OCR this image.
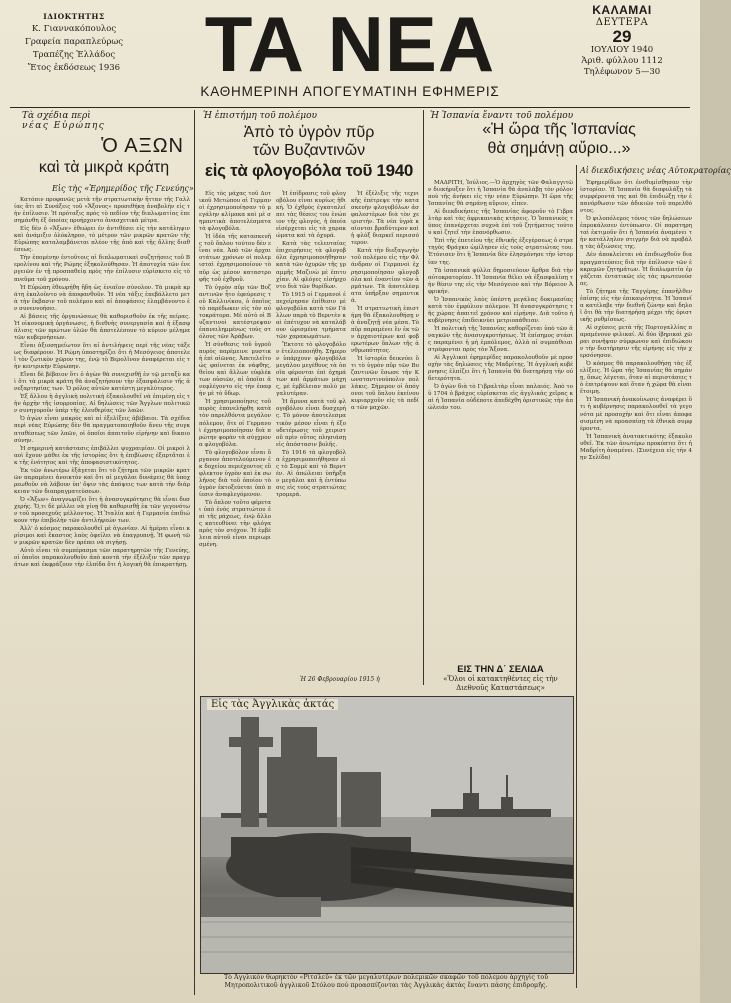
ΙΔΙΟΚΤΗΤΗΣ
Κ. Γιαννακόπουλος
Γραφεία παραπλεύρως
Τραπέζης Ἑλλάδος
Ἔτος ἐκδόσεως 1936	ΤΑ ΝΕΑ
ΚΑΘΗΜΕΡΙΝΗ ΑΠΟΓΕΥΜΑΤΙΝΗ ΕΦΗΜΕΡΙΣ
ΚΑΛΑΜΑΙ
ΔΕΥΤΕΡΑ
29
ΙΟΥΛΙΟΥ 1940
Ἀριθ. φύλλου 1112
Τηλέφωνον 5—30
Τὰ σχέδια περὶ
νέας Εὐρώπης
Ὁ ΑΞΩΝ
καὶ τὰ μικρὰ κράτη
Εἰς τὴς «Ἐρημερίδος τῆς Γενεύης»

Κατόπιν προφανῶς μετὰ τῆν στρατιωτικὴν ἥτταν τῆς Γαλλίας ἄτι αἱ Συνάξεις τοῦ «Ἄξονος» προσεθήκη ἀναβολὴν εἰς τὴν ἐπίλυσιν. Ἡ πρόταξις πρὸς τὸ πεδίον τῆς διπλωματίας ἐπεσημάνθη ἐξ ὁποίας προήρχοντο ἀνασχετικὰ μέτρα.

Εἰς δὲν ὁ «Ἄξων» ἐθεώρει ἐν ἀντιθέσει εἰς τὴν κατάληψιν καὶ ἀνάμιξιν ὁλόκληρον, τὸ μέτρον τῶν μικρῶν κρατῶν τῆς Εὐρώπης καταλαμβάνεται πλέον τῆς ἀπὸ καὶ τῆς ἄλλης διαθέσεως.

Τὴν ἐπομένην ἐντοῦτοις αἱ διπλωματικαὶ συζητήσεις τοῦ Βερολίνου καὶ τῆς Ρώμης ἐξηκολούθησαν. Ἡ ἀποτυχία τῶν ἐνεργειῶν ἐν τῇ προσπαθείᾳ πρὸς τὴν ἐπίλυσιν εὑρίσκετο εἰς τὸ πνεῦμα τοῦ χρόνου.

Ἡ Εὐρώπη ἐθεωρήθη ἤδη ὡς ἑνιαῖον σύνολον. Τὰ μικρὰ κράτη ἐκαλοῦντο νὰ ἀποφανθοῦν. Ἡ νέα τάξις ἐπεβάλλετο μετὰ τὴν ἔκβασιν τοῦ πολέμου καὶ αἱ ἀποφάσεις ἐλαμβάνοντο ἐν συνεννοήσει.

Αἱ βάσεις τῆς ὀργανώσεως θὰ καθορισθοῦν ἐκ τῆς πείρας. Ἡ οἰκονομικὴ ὀργάνωσις, ἡ διεθνὴς συνεργασία καὶ ἡ ἐξασφάλισις τῶν πρώτων ὑλῶν θὰ ἀποτελέσουν τὸ κύριον μέλημα τῶν κυβερνήσεων.

Εἶναι ἀξιοσημείωτον ὅτι αἱ ἀντιλήψεις περὶ τῆς νέας τάξεως διαφέρουν. Ἡ Ρώμη ὑποστηρίζει ὅτι ἡ Μεσόγειος ἀποτελεῖ τὸν ζωτικὸν χῶρον της, ἐνῷ τὸ Βερολῖνον ἀναφέρεται εἰς τὴν κεντρικὴν Εὐρώπην.

Εἴναι δὲ βέβαιον ὅτι ὁ ἀγὼν θὰ συνεχισθῇ ἐν τῷ μεταξὺ καὶ ὅτι τὰ μικρὰ κράτη θὰ ἀναζητήσουν τὴν ἐξασφάλισιν τῆς ἀνεξαρτησίας των. Ὁ ρόλος αὐτῶν κατέστη μεγαλύτερος.

Ἐξ ἄλλου ἡ ἀγγλικὴ πολιτικὴ ἐξακολουθεῖ νὰ ἐπιμένῃ εἰς τὴν ἀρχὴν τῆς ἰσορροπίας. Αἱ δηλώσεις τῶν Ἄγγλων πολιτικῶν συνηγοροῦν ὑπὲρ τῆς ἐλευθερίας τῶν λαῶν.

Ὁ ἀγὼν εἶναι μακρὸς καὶ αἱ ἐξελίξεις ἀβέβαιοι. Τὰ σχέδια περὶ νέας Εὐρώπης δὲν θὰ πραγματοποιηθοῦν ἄνευ τῆς συγκαταθέσεως τῶν λαῶν, οἱ ὁποῖοι ἀπαιτοῦν εἰρήνην καὶ δικαιοσύνην.

Ἡ σημερινὴ κατάστασις ἐπιβάλλει ψυχραιμίαν. Οἱ μικροὶ λαοὶ ἔχουν μάθει ἐκ τῆς ἱστορίας ὅτι ἡ ἐπιβίωσις ἐξαρτᾶται ἐκ τῆς ἑνότητος καὶ τῆς ἀποφασιστικότητος.

Ἐκ τῶν ἀνωτέρω ἐξάγεται ὅτι τὸ ζήτημα τῶν μικρῶν κρατῶν παραμένει ἀνοικτὸν καὶ ὅτι αἱ μεγάλαι δυνάμεις θὰ ὑποχρεωθοῦν νὰ λάβουν ὑπ' ὄψιν τὰς ἀπόψεις των κατὰ τὴν διάρκειαν τῶν διαπραγματεύσεων.

Ὁ «Ἄξων» ἀναγνωρίζει ὅτι ἡ ἀνασυγκρότησις θὰ εἶναι δυσχερής. Ὅ,τι δὲ μέλλει νὰ γίνῃ θὰ καθορισθῇ ἐκ τῶν γεγονότων τοῦ προσεχοῦς μέλλοντος. Ἡ Ἰταλία καὶ ἡ Γερμανία ἐπιδιώκουν τὴν ἐπιβολὴν τῶν ἀντιλήψεών των.

Ἀλλ' ὁ κόσμος παρακολουθεῖ μὲ ἀγωνίαν. Αἱ ἡμέραι εἶναι κρίσιμοι καὶ ἕκαστος λαὸς ὀφείλει νὰ ἐπαγρυπνῇ. Ἡ φωνὴ τῶν μικρῶν κρατῶν δὲν πρέπει νὰ σιγήσῃ.

Αὐτὸ εἶναι τὸ συμπέρασμα τῶν παρατηρητῶν τῆς Γενεύης, οἱ ὁποῖοι παρακολουθοῦν ἀπὸ κοντὰ τὴν ἐξέλιξιν τῶν πραγμάτων καὶ ἐκφράζουν τὴν ἐλπίδα ὅτι ἡ λογικὴ θὰ ἐπικρατήσῃ.

Ἡ ἐπιστήμη τοῦ πολέμου
Ἀπὸ τὸ ὑγρὸν πῦρ
τῶν Βυζαντινῶν
εἰς τὰ φλογοβόλα τοῦ 1940

Εἰς τὸς μάχας τοῦ Δυτικοῦ Μετώπου αἱ Γερμανοὶ ἐχρησιμοποίησαν τὸ μεγάλην κλίμακα καὶ μὲ σημαντικὰ ἀποτελέσματα τὰ φλογοβόλα.

Ἡ ἰδέα τῆς κατασκευῆς τοῦ ὄπλου τούτου δὲν εἶναι νέα. Ἀπὸ τῶν ἀρχαιοτάτων χρόνων οἱ πολεμισταὶ ἐχρησιμοποίουν τὸ πῦρ ὡς μέσον καταστροφῆς τοῦ ἐχθροῦ.

Τὸ ὑγρὸν πῦρ τῶν Βυζαντινῶν ἦτο ἐφεύρεσις τοῦ Καλλινίκου, ὁ ὁποῖος τὸ παρέδωκεν εἰς τὸν αὐτοκράτορα. Μὲ αὐτὸ οἱ Βυζαντινοὶ κατέστρεψαν ἐπανειλημμένως τοὺς στόλους τῶν Ἀράβων.

Ἡ σύνθεσις τοῦ ὑγροῦ πυρὸς παρέμεινε μυστικὴ ἐπὶ αἰῶνας. Ἀπετελεῖτο ὡς φαίνεται ἐκ νάφθης, θείου καὶ ἄλλων εὐφλέκτων οὐσιῶν, αἱ ὁποῖαι ἀνεφλέγοντο εἰς τὴν ἐπαφὴν μὲ τὸ ὕδωρ.

Ἡ χρησιμοποίησις τοῦ πυρὸς ἐπανελήφθη κατὰ τὸν παρελθόντα μεγάλον πόλεμον, ὅτε οἱ Γερμανοὶ ἐχρησιμοποίησαν διὰ πρώτην φορὰν τὰ σύγχρονα φλογοβόλα.

Τὸ φλογοβόλον εἶναι ὄργανον ἀποτελούμενον ἐκ δοχείου περιέχοντος εὔφλεκτον ὑγρὸν καὶ ἐκ σωλῆνος διὰ τοῦ ὁποίου τὸ ὑγρὸν ἐκτοξεύεται ὑπὸ πίεσιν ἀναφλεγόμενον.

Τὸ ὄπλον τοῦτο φέρεται ὑπὸ ἑνὸς στρατιώτου ἐπὶ τῆς ράχεως, ἐνῷ ἄλλος κατευθύνει τὴν φλόγα πρὸς τὸν στόχον. Ἡ ἐμβέλεια αὐτοῦ εἶναι περιωρισμένη.

Ἡ ἐπίδρασις τοῦ φλογοβόλου εἶναι κυρίως ἠθική. Ὁ ἐχθρὸς ἐγκαταλείπει τὰς θέσεις του ἐνώπιον τῆς φλογός, ἡ ὁποία εἰσέρχεται εἰς τὰ χαρακώματα καὶ τὰ ὀχυρά.

Κατὰ τὰς τελευταίας ἐπιχειρήσεις τὰ φλογοβόλα ἐχρησιμοποιήθησαν κατὰ τῶν ὀχυρῶν τῆς γραμμῆς Μαζινὼ μὲ ἐπιτυχίαν. Αἱ φλόγες εἰσήρχοντο διὰ τῶν θυρίδων.

Τὸ 1915 οἱ Γερμανοὶ ἐπεχείρησαν ἐπίθεσιν μὲ φλογοβόλα κατὰ τῶν Γάλλων παρὰ τὸ Βερντὲν καὶ ἐπέτυχον νὰ καταλάβουν ὡρισμένα τμήματα τῶν χαρακωμάτων.

Ἔκτοτε τὸ φλογοβόλον ἐτελειοποιήθη. Σήμερον ὑπάρχουν φλογοβόλα μεγάλου μεγέθους τὰ ὁποῖα φέρονται ἐπὶ ὀχημάτων καὶ ἁρμάτων μάχης, μὲ ἐμβέλειαν πολὺ μεγαλυτέραν.

Ἡ ἄμυνα κατὰ τοῦ φλογοβόλου εἶναι δυσχερής. Τὸ μόνον ἀποτελεσματικὸν μέσον εἶναι ἡ ἐξουδετέρωσις τοῦ χειριστοῦ πρὶν οὗτος πλησιάσῃ εἰς ἀπόστασιν βολῆς.

Τὸ 1916 τὰ φλογοβόλα ἐχρησιμοποιήθησαν εἰς τὸ Σομμὲ καὶ τὸ Βερντέν. Αἱ ἀπώλειαι ὑπῆρξαν μεγάλαι καὶ ἡ ἐντύπωσις εἰς τοὺς στρατιώτας τρομερά.

Ἡ ἐξέλιξις τῆς τεχνικῆς ἐπέτρεψε τὴν κατασκευὴν φλογοβόλων ἀσφαλεστέρων διὰ τὸν χειριστήν. Τὰ νέα ὑγρὰ καίονται βραδύτερον καὶ ἡ φλὸξ διαρκεῖ περισσότερον.

Κατὰ τὴν διεξαγωγὴν τοῦ πολέμου εἰς τὴν Φλάνδραν οἱ Γερμανοὶ ἐχρησιμοποίησαν φλογοβόλα καὶ ἐναντίον τῶν ἁρμάτων. Τὰ ἀποτελέσματα ὑπῆρξαν σημαντικά.

Ἡ στρατιωτικὴ ἐπιστήμη θὰ ἐξακολουθήσῃ νὰ ἀναζητῇ νέα μέσα. Τὸ πῦρ παραμένει ἓν ἐκ τῶν ἀρχαιοτέρων καὶ φοβερωτέρων ὅπλων τῆς ἀνθρωπότητος.

Ἡ ἱστορία δεικνύει ὅτι τὸ ὑγρὸν πῦρ τῶν Βυζαντινῶν ἔσωσε τὴν Κωνσταντινούπολιν πολλάκις. Σήμερον οἱ ἀπόγονοι τοῦ ὅπλου ἐκείνου κυριαρχοῦν εἰς τὰ πεδία τῶν μαχῶν.

Ἡ 26 Φεβρουαρίου 1915 ἡ
ΕΙΣ ΤΗΝ Δ΄ ΣΕΛΙΔΑ
«Ὅλοι οἱ κατακτηθέντες εἰς τὴν Διεθνοῦς Καταστάσεως»
Ἡ Ἰσπανία ἔναντι τοῦ πολέμου
«Ἡ ὥρα τῆς Ἰσπανίας
θὰ σημάνῃ αὔριο...»
Αἱ διεκδικήσεις νέας Αὐτοκρατορίας

ΜΑΔΡΙΤΗ, Ἰούλιος.—Ὁ ἀρχηγὸς τῶν Φαλαγγιτῶν διεκήρυξεν ὅτι ἡ Ἰσπανία θὰ ἀναλάβῃ τὸν ρόλον ποὺ τῆς ἀνήκει εἰς τὴν νέαν Εὐρώπην. Ἡ ὥρα τῆς Ἰσπανίας θὰ σημάνῃ αὔριον, εἶπεν.

Αἱ διεκδικήσεις τῆς Ἰσπανίας ἀφοροῦν τὸ Γιβραλτὰρ καὶ τὰς ἀφρικανικὰς κτήσεις. Ὁ Ἰσπανικὸς τύπος ἐπανέρχεται συχνὰ ἐπὶ τοῦ ζητήματος τούτου καὶ ζητεῖ τὴν ἐπανόρθωσιν.

Ἐπὶ τῆς ἐπετείου τῆς ἐθνικῆς ἐξεγέρσεως ὁ στρατηγὸς Φράγκο ὡμίλησεν εἰς τοὺς στρατιώτας του. Ἐτόνισεν ὅτι ἡ Ἰσπανία δὲν ἐλησμόνησε τὴν ἱστορίαν της.

Τὰ ἰσπανικὰ φύλλα δημοσιεύουν ἄρθρα διὰ τὴν αὐτοκρατορίαν. Ἡ Ἰσπανία θέλει νὰ ἐξασφαλίσῃ τὴν θέσιν της εἰς τὴν Μεσόγειον καὶ τὴν Βόρειον Ἀφρικήν.

Ὁ Ἰσπανικὸς λαὸς ὑπέστη μεγάλας δοκιμασίας κατὰ τὸν ἐμφύλιον πόλεμον. Ἡ ἀνασυγκρότησις τῆς χώρας ἀπαιτεῖ χρόνον καὶ εἰρήνην. Διὰ τοῦτο ἡ κυβέρνησις ἐπιδεικνύει μετριοπάθειαν.

Ἡ πολιτικὴ τῆς Ἰσπανίας καθορίζεται ὑπὸ τῶν ἀναγκῶν τῆς ἀνασυγκροτήσεως. Ἡ ἐπίσημος στάσις παραμένει ἡ μὴ ἐμπόλεμος, ἀλλὰ αἱ συμπάθειαι στρέφονται πρὸς τὸν Ἄξονα.

Αἱ Ἀγγλικαὶ ἐφημερίδες παρακολουθοῦν μὲ προσοχὴν τὰς δηλώσεις τῆς Μαδρίτης. Ἡ ἀγγλικὴ κυβέρνησις ἐλπίζει ὅτι ἡ Ἰσπανία θὰ διατηρήσῃ τὴν οὐδετερότητα.

Ὁ ἀγὼν διὰ τὸ Γιβραλτὰρ εἶναι παλαιός. Ἀπὸ τοῦ 1704 ὁ βράχος εὑρίσκεται εἰς ἀγγλικὰς χεῖρας καὶ ἡ Ἰσπανία οὐδέποτε ἀπεδέχθη ὁριστικῶς τὴν ἀπώλειάν του.

Ἐφημερίδων ὁτι ἐνεθυμίσθησαν τὴν ἱστορίαν. Ἡ Ἰσπανία θὰ διαφυλάξῃ τὰ συμφέροντά της καὶ θὰ ἐπιδιώξῃ τὴν ἐπανόρθωσιν τῶν ἀδικιῶν τοῦ παρελθόντος.

Ὁ φιλοπόλεμος τόνος τῶν δηλώσεων ἐπροκάλεσεν ἐντύπωσιν. Οἱ παρατηρηταὶ ἐκτιμοῦν ὅτι ἡ Ἰσπανία ἀναμένει τὴν κατάλληλον στιγμὴν διὰ νὰ προβάλῃ τὰς ἀξιώσεις της.

Δὲν ἀποκλείεται νὰ ἐπιδιωχθοῦν διαπραγματεύσεις διὰ τὴν ἐπίλυσιν τῶν ἐκκρεμῶν ζητημάτων. Ἡ διπλωματία ἐργάζεται ἐντατικῶς εἰς τὰς πρωτευούσας.

Τὸ ζήτημα τῆς Ταγγέρης ἐπανῆλθεν ἐπίσης εἰς τὴν ἐπικαιρότητα. Ἡ Ἰσπανία κατέλαβε τὴν διεθνῆ ζώνην καὶ δηλοῖ ὅτι θὰ τὴν διατηρήσῃ μέχρι τῆς ὁριστικῆς ρυθμίσεως.

Αἱ σχέσεις μετὰ τῆς Πορτογαλλίας παραμένουν φιλικαί. Αἱ δύο ἰβηρικαὶ χῶραι συνῆψαν σύμφωνον καὶ ἐπιδιώκουν τὴν διατήρησιν τῆς εἰρήνης εἰς τὴν χερσόνησον.

Ὁ κόσμος θὰ παρακολουθήσῃ τὰς ἐξελίξεις. Ἡ ὥρα τῆς Ἰσπανίας θὰ σημάνῃ, ὅπως λέγεται, ὅταν αἱ περιστάσεις τὸ ἐπιτρέψουν καὶ ὅταν ἡ χώρα θὰ εἶναι ἕτοιμη.

Ἡ Ἰσπανικὴ ἀνακοίνωσις ἀναφέρει ὅτι ἡ κυβέρνησις παρακολουθεῖ τὰ γεγονότα μὲ προσοχὴν καὶ ὅτι εἶναι ἀποφασισμένη νὰ προασπίσῃ τὰ ἐθνικὰ συμφέροντα.

Ἡ Ἰσπανικὴ ἀνατακτικότης ἐξακολουθεῖ. Ἐκ τῶν ἀνωτέρω προκύπτει ὅτι ἡ Μαδρίτη ἀναμένει. (Συνέχεια εἰς τὴν 4ην Σελίδα)

Εἰς τὰς Ἀγγλικὰς ἀκτάς
Τὸ Ἀγγλικὸν θωρηκτὸν «Ρίτσλεϋ» ἐκ τῶν μεγαλυτέρων πολεμικῶν σκαφῶν τοῦ πόλεμου ἀρχηγὶς τοῦ Μητροπολιτικοῦ ἀγγλικοῦ Στόλου ποὺ προασπίζονται τὰς Ἀγγλικὰς ἀκτὰς ἔναντι πάσης ἐπιδρομῆς.
